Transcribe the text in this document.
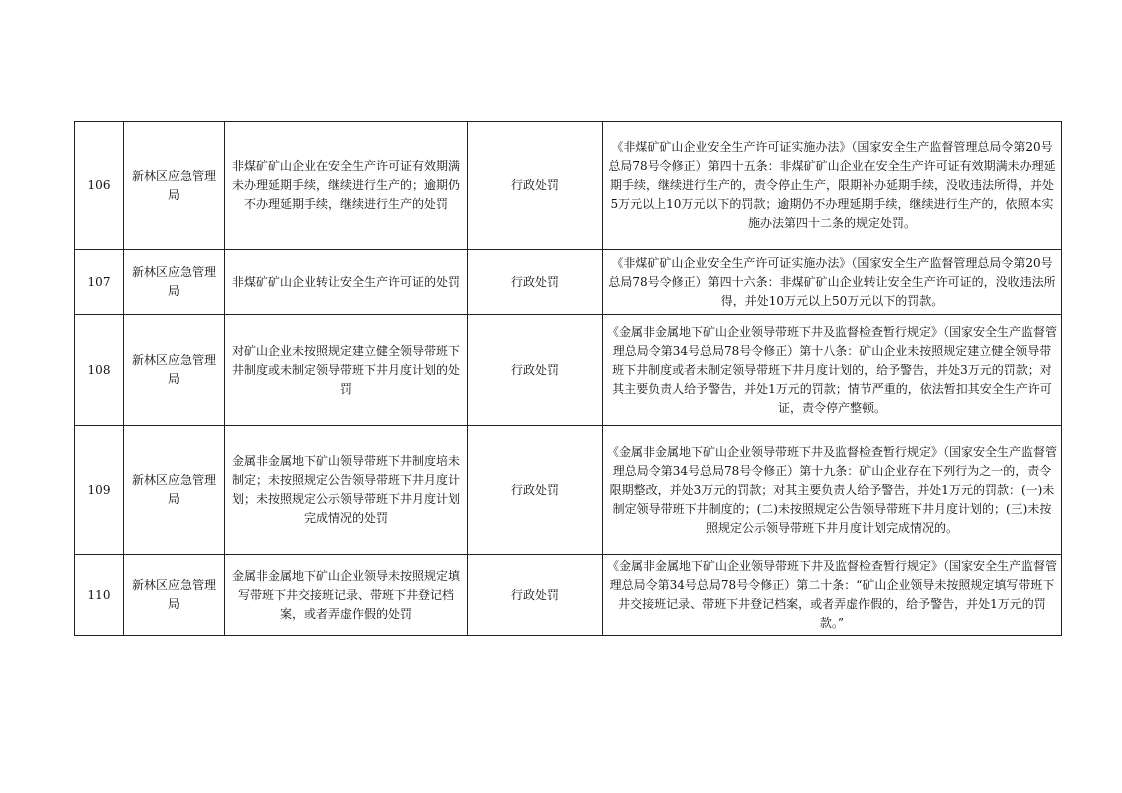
106	新林区应急管理局	非煤矿矿山企业在安全生产许可证有效期满未办理延期手续，继续进行生产的；逾期仍不办理延期手续，继续进行生产的处罚	行政处罚	《非煤矿矿山企业安全生产许可证实施办法》（国家安全生产监督管理总局令第20号总局78号令修正）第四十五条：非煤矿矿山企业在安全生产许可证有效期满未办理延期手续，继续进行生产的，责令停止生产，限期补办延期手续，没收违法所得，并处5万元以上10万元以下的罚款；逾期仍不办理延期手续，继续进行生产的，依照本实施办法第四十二条的规定处罚。
107	新林区应急管理局	非煤矿矿山企业转让安全生产许可证的处罚	行政处罚	《非煤矿矿山企业安全生产许可证实施办法》（国家安全生产监督管理总局令第20号总局78号令修正）第四十六条：非煤矿矿山企业转让安全生产许可证的，没收违法所得，并处10万元以上50万元以下的罚款。
108	新林区应急管理局	对矿山企业未按照规定建立健全领导带班下井制度或未制定领导带班下井月度计划的处罚	行政处罚	《金属非金属地下矿山企业领导带班下井及监督检查暂行规定》（国家安全生产监督管理总局令第34号总局78号令修正）第十八条：矿山企业未按照规定建立健全领导带班下井制度或者未制定领导带班下井月度计划的，给予警告，并处3万元的罚款；对其主要负责人给予警告，并处1万元的罚款；情节严重的，依法暂扣其安全生产许可证，责令停产整顿。
109	新林区应急管理局	金属非金属地下矿山领导带班下井制度培未制定；未按照规定公告领导带班下井月度计划；未按照规定公示领导带班下井月度计划完成情况的处罚	行政处罚	《金属非金属地下矿山企业领导带班下井及监督检查暂行规定》（国家安全生产监督管理总局令第34号总局78号令修正）第十九条：矿山企业存在下列行为之一的，责令限期整改，并处3万元的罚款；对其主要负责人给予警告，并处1万元的罚款：(一)未制定领导带班下井制度的；(二)未按照规定公告领导带班下井月度计划的；(三)未按照规定公示领导带班下井月度计划完成情况的。
110	新林区应急管理局	金属非金属地下矿山企业领导未按照规定填写带班下井交接班记录、带班下井登记档案，或者弄虚作假的处罚	行政处罚	《金属非金属地下矿山企业领导带班下井及监督检查暂行规定》（国家安全生产监督管理总局令第34号总局78号令修正）第二十条：“矿山企业领导未按照规定填写带班下井交接班记录、带班下井登记档案，或者弄虚作假的，给予警告，并处1万元的罚款。”
